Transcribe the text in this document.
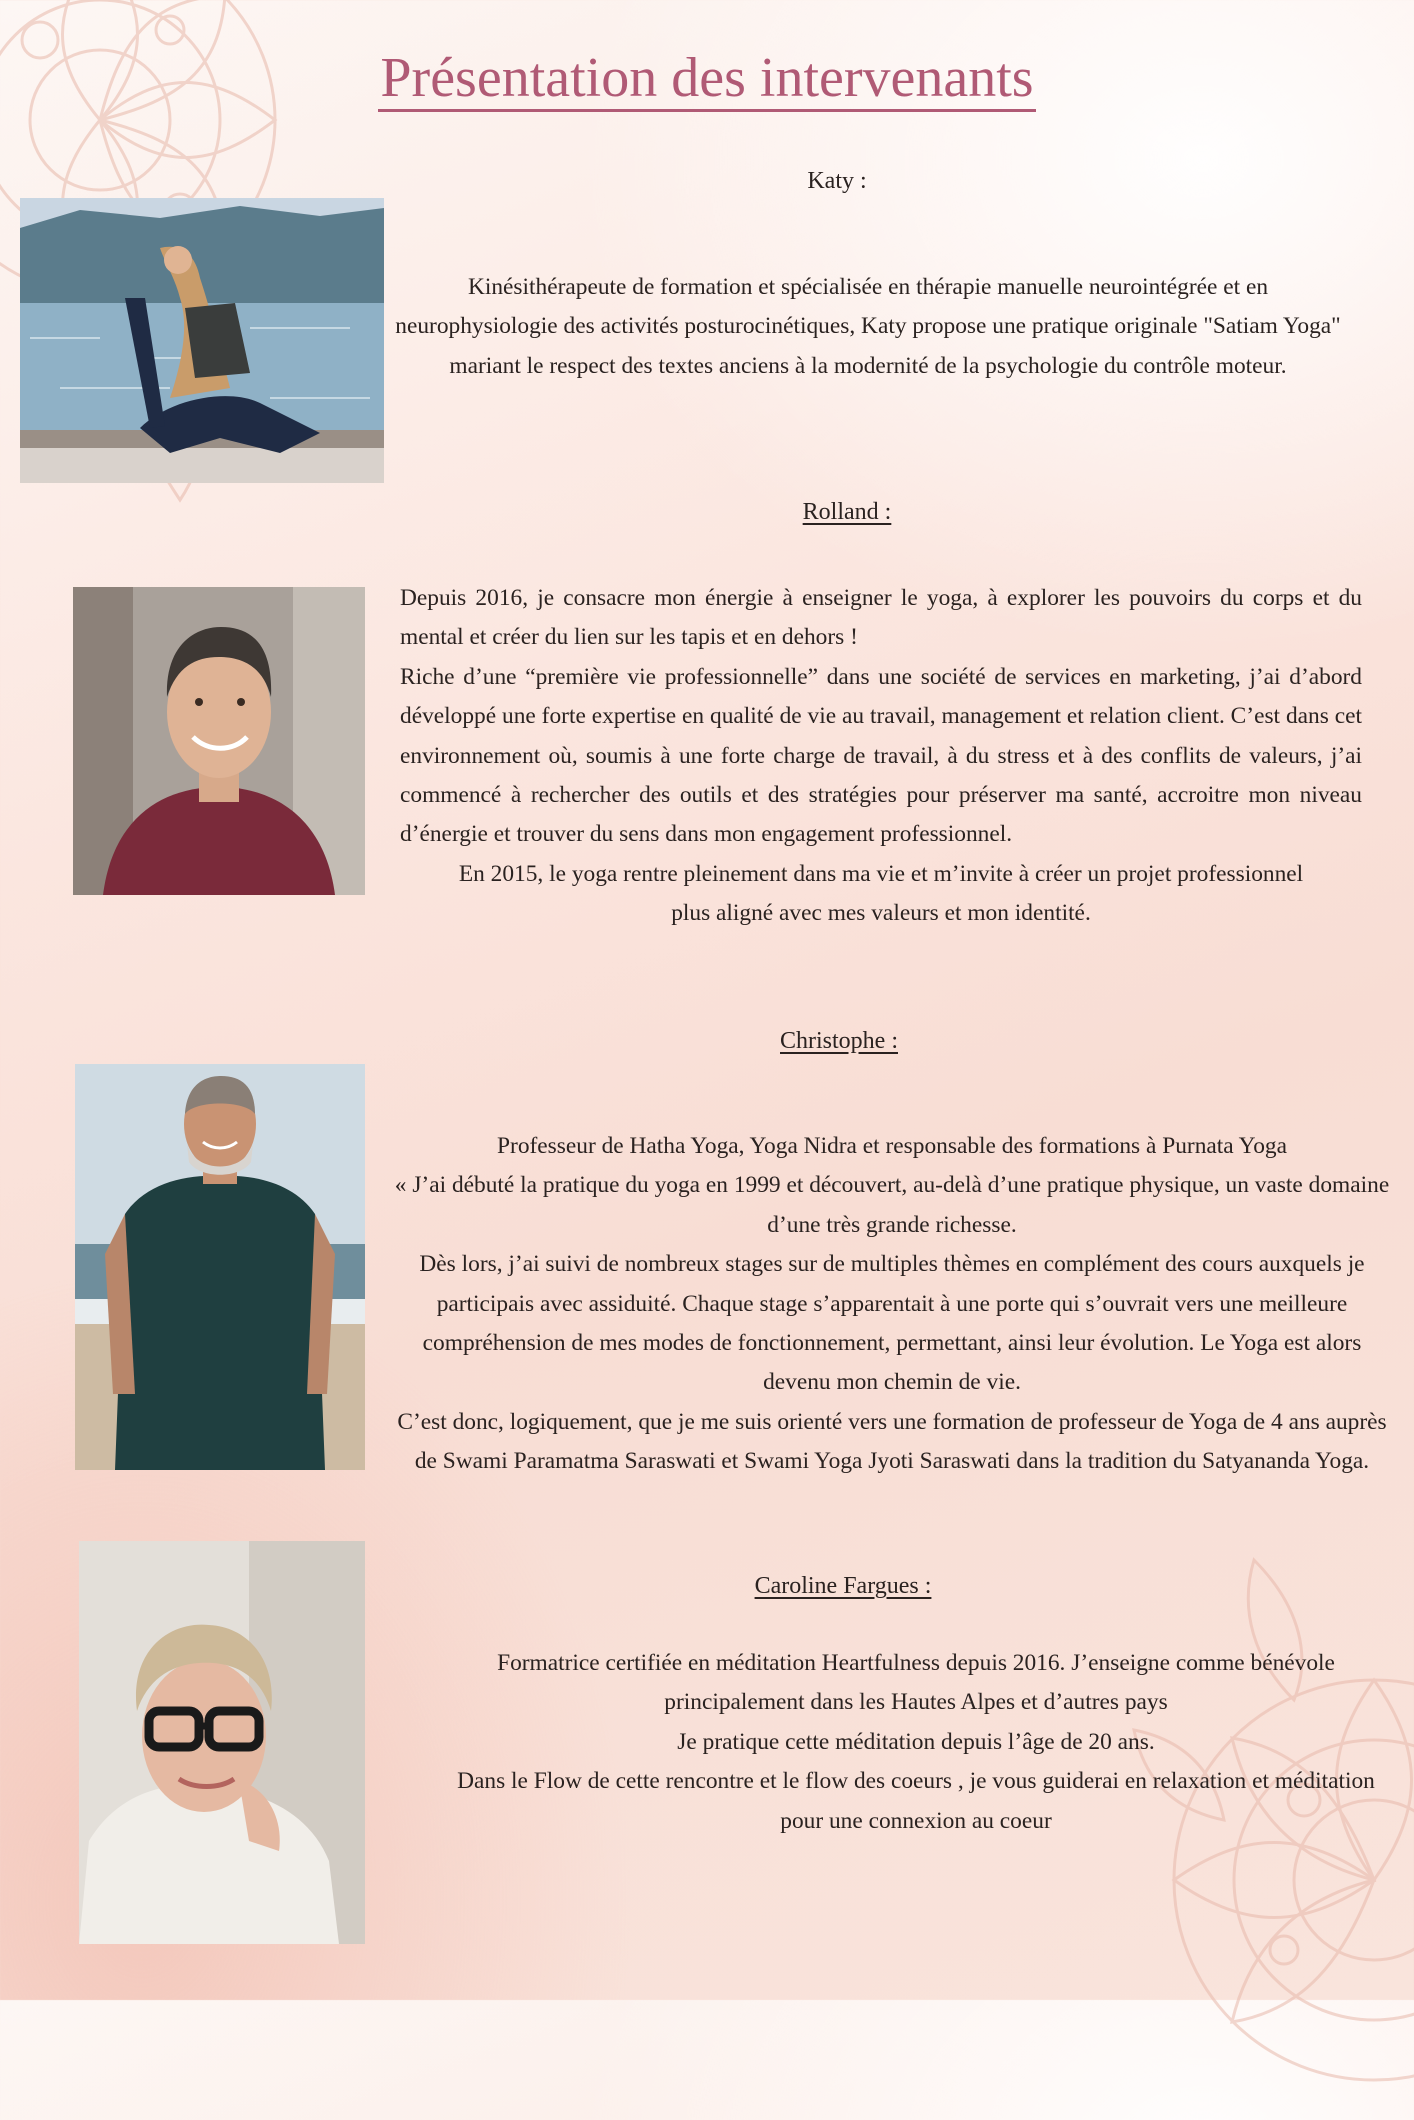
Présentation des intervenants
Katy :

Kinésithérapeute de formation et spécialisée en thérapie manuelle neurointégrée et en neurophysiologie des activités posturocinétiques, Katy propose une pratique originale "Satiam Yoga" mariant le respect des textes anciens à la modernité de la psychologie du contrôle moteur.

Rolland :

Depuis 2016, je consacre mon énergie à enseigner le yoga, à explorer les pouvoirs du corps et du mental et créer du lien sur les tapis et en dehors !

Riche d’une “première vie professionnelle” dans une société de services en marketing, j’ai d’abord développé une forte expertise en qualité de vie au travail, management et relation client. C’est dans cet environnement où, soumis à une forte charge de travail, à du stress et à des conflits de valeurs, j’ai commencé à rechercher des outils et des stratégies pour préserver ma santé, accroitre mon niveau d’énergie et trouver du sens dans mon engagement professionnel.

En 2015, le yoga rentre pleinement dans ma vie et m’invite à créer un projet professionnel plus aligné avec mes valeurs et mon identité.

Christophe :

Professeur de Hatha Yoga, Yoga Nidra et responsable des formations à Purnata Yoga

« J’ai débuté la pratique du yoga en 1999 et découvert, au-delà d’une pratique physique, un vaste domaine d’une très grande richesse.

Dès lors, j’ai suivi de nombreux stages sur de multiples thèmes en complément des cours auxquels je participais avec assiduité. Chaque stage s’apparentait à une porte qui s’ouvrait vers une meilleure compréhension de mes modes de fonctionnement, permettant, ainsi leur évolution. Le Yoga est alors devenu mon chemin de vie.

C’est donc, logiquement, que je me suis orienté vers une formation de professeur de Yoga de 4 ans auprès de Swami Paramatma Saraswati et Swami Yoga Jyoti Saraswati dans la tradition du Satyananda Yoga.

Caroline Fargues :

Formatrice certifiée en méditation Heartfulness depuis 2016. J’enseigne comme bénévole principalement dans les Hautes Alpes et d’autres pays

Je pratique cette méditation depuis l’âge de 20 ans.

Dans le Flow de cette rencontre et le flow des coeurs , je vous guiderai en relaxation et méditation pour une connexion au coeur
